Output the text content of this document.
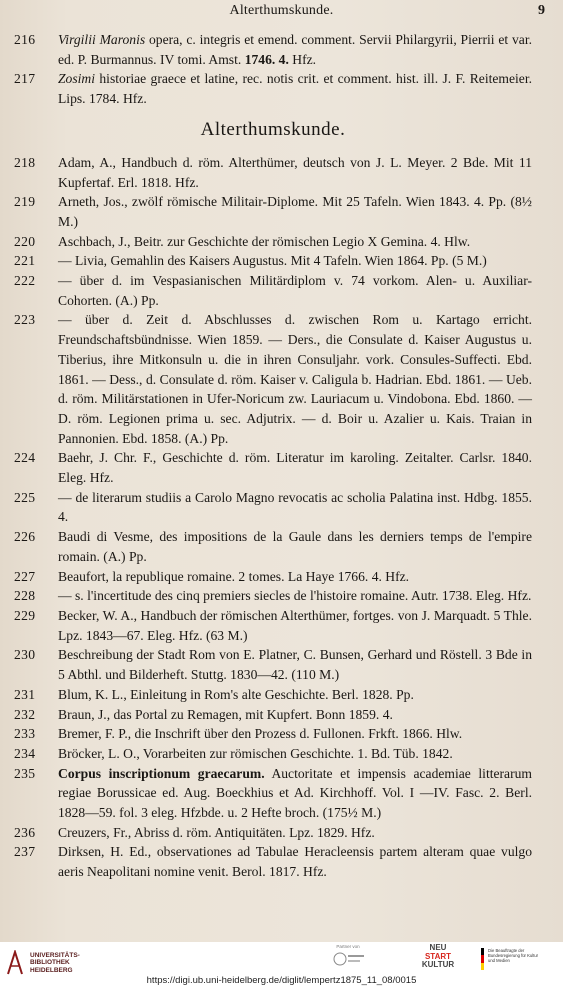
Alterthumskunde.	9
216	Virgilii Maronis opera, c. integris et emend. comment. Servii Philargyrii, Pierrii et var. ed. P. Burmannus. IV tomi. Amst. 1746. 4. Hfz.
217	Zosimi historiae graece et latine, rec. notis crit. et comment. hist. ill. J. F. Reitemeier. Lips. 1784. Hfz.
Alterthumskunde.
218	Adam, A., Handbuch d. röm. Alterthümer, deutsch von J. L. Meyer. 2 Bde. Mit 11 Kupfertaf. Erl. 1818. Hfz.
219	Arneth, Jos., zwölf römische Militair-Diplome. Mit 25 Tafeln. Wien 1843. 4. Pp. (8½ M.)
220	Aschbach, J., Beitr. zur Geschichte der römischen Legio X Gemina. 4. Hlw.
221	— Livia, Gemahlin des Kaisers Augustus. Mit 4 Tafeln. Wien 1864. Pp. (5 M.)
222	— über d. im Vespasianischen Militärdiplom v. 74 vorkom. Alen- u. Auxiliar-Cohorten. (A.) Pp.
223	— über d. Zeit d. Abschlusses d. zwischen Rom u. Kartago erricht. Freundschaftsbündnisse. Wien 1859. — Ders., die Consulate d. Kaiser Augustus u. Tiberius, ihre Mitkonsuln u. die in ihren Consuljahr. vork. Consules-Suffecti. Ebd. 1861. — Dess., d. Consulate d. röm. Kaiser v. Caligula b. Hadrian. Ebd. 1861. — Ueb. d. röm. Militärstationen in Ufer-Noricum zw. Lauriacum u. Vindobona. Ebd. 1860. — D. röm. Legionen prima u. sec. Adjutrix. — d. Boir u. Azalier u. Kais. Traian in Pannonien. Ebd. 1858. (A.) Pp.
224	Baehr, J. Chr. F., Geschichte d. röm. Literatur im karoling. Zeitalter. Carlsr. 1840. Eleg. Hfz.
225	— de literarum studiis a Carolo Magno revocatis ac scholia Palatina inst. Hdbg. 1855. 4.
226	Baudi di Vesme, des impositions de la Gaule dans les derniers temps de l'empire romain. (A.) Pp.
227	Beaufort, la republique romaine. 2 tomes. La Haye 1766. 4. Hfz.
228	— s. l'incertitude des cinq premiers siecles de l'histoire romaine. Autr. 1738. Eleg. Hfz.
229	Becker, W. A., Handbuch der römischen Alterthümer, fortges. von J. Marquadt. 5 Thle. Lpz. 1843—67. Eleg. Hfz. (63 M.)
230	Beschreibung der Stadt Rom von E. Platner, C. Bunsen, Gerhard und Röstell. 3 Bde in 5 Abthl. und Bilderheft. Stuttg. 1830—42. (110 M.)
231	Blum, K. L., Einleitung in Rom's alte Geschichte. Berl. 1828. Pp.
232	Braun, J., das Portal zu Remagen, mit Kupfert. Bonn 1859. 4.
233	Bremer, F. P., die Inschrift über den Prozess d. Fullonen. Frkft. 1866. Hlw.
234	Bröcker, L. O., Vorarbeiten zur römischen Geschichte. 1. Bd. Tüb. 1842.
235	Corpus inscriptionum graecarum. Auctoritate et impensis academiae litterarum regiae Borussicae ed. Aug. Boeckhius et Ad. Kirchhoff. Vol. I —IV. Fasc. 2. Berl. 1828—59. fol. 3 eleg. Hfzbde. u. 2 Hefte broch. (175½ M.)
236	Creuzers, Fr., Abriss d. röm. Antiquitäten. Lpz. 1829. Hfz.
237	Dirksen, H. Ed., observationes ad Tabulae Heracleensis partem alteram quae vulgo aeris Neapolitani nomine venit. Berol. 1817. Hfz.
UNIVERSITÄTS-
BIBLIOTHEK
HEIDELBERG
Partner von	NEU
START
KULTUR
Die Beauftragte der Bundesregierung für Kultur und Medien
https://digi.ub.uni-heidelberg.de/diglit/lempertz1875_11_08/0015
